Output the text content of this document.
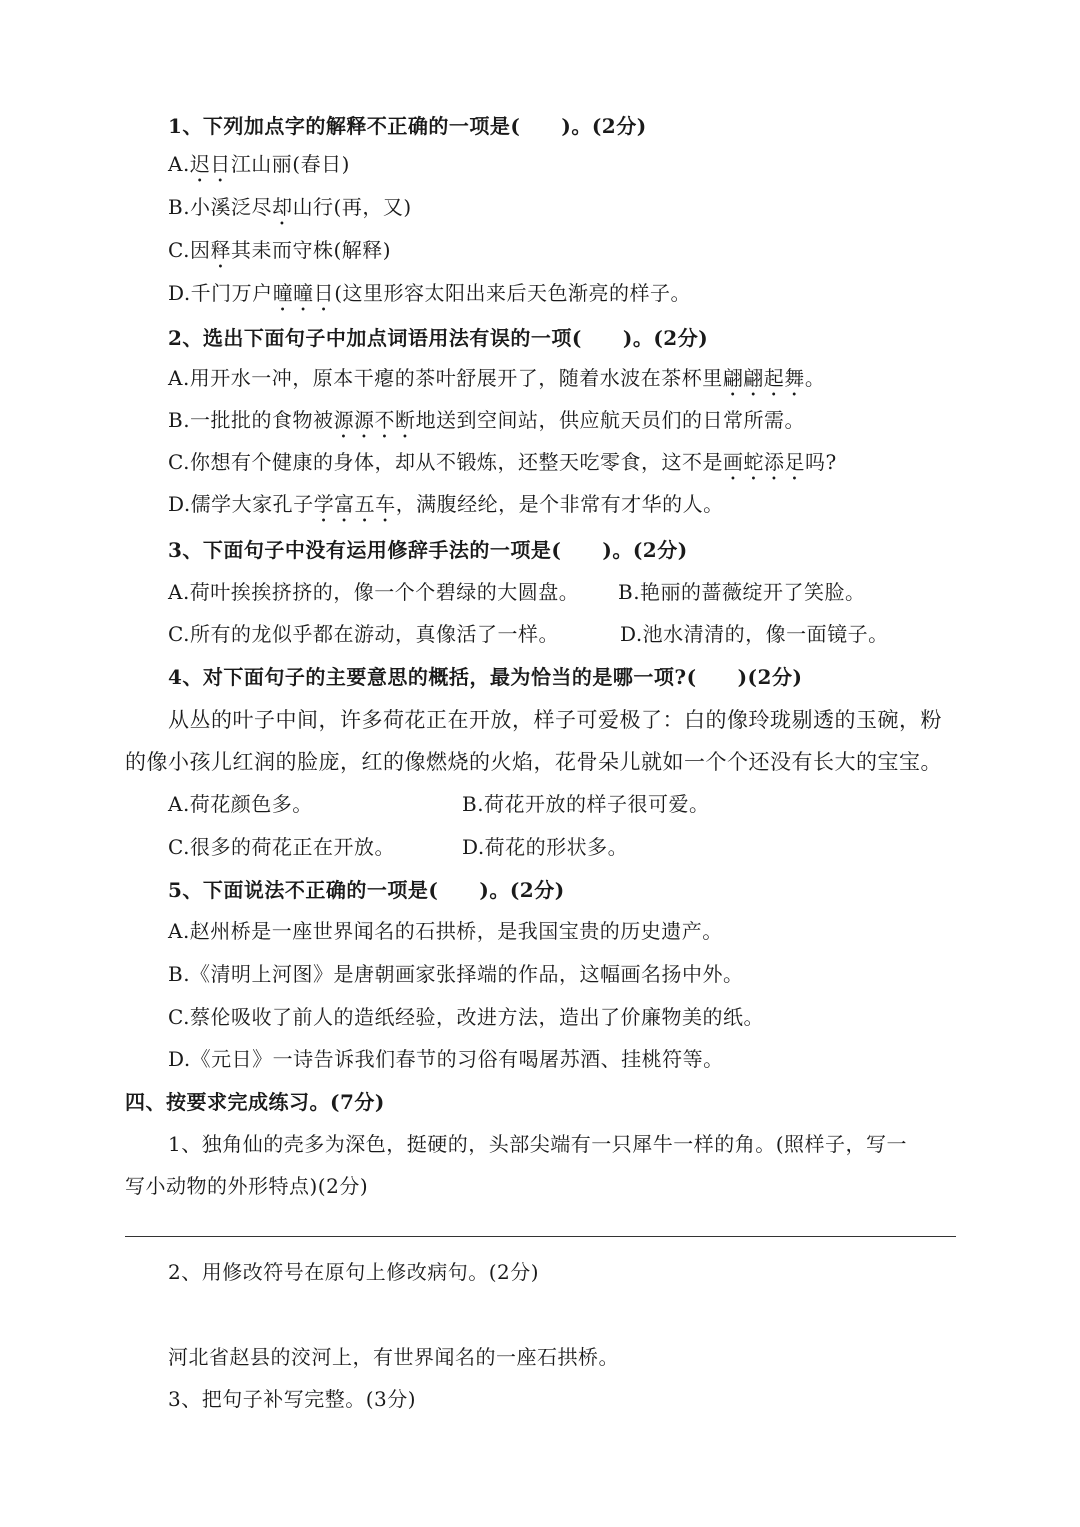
1、下列加点字的解释不正确的一项是(　　)。(2分)
A.迟日江山丽(春日)
B.小溪泛尽却山行(再，又)
C.因释其耒而守株(解释)
D.千门万户曈曈日(这里形容太阳出来后天色渐亮的样子。
2、选出下面句子中加点词语用法有误的一项(　　)。(2分)
A.用开水一冲，原本干瘪的茶叶舒展开了，随着水波在茶杯里翩翩起舞。
B.一批批的食物被源源不断地送到空间站，供应航天员们的日常所需。
C.你想有个健康的身体，却从不锻炼，还整天吃零食，这不是画蛇添足吗?
D.儒学大家孔子学富五车，满腹经纶，是个非常有才华的人。
3、下面句子中没有运用修辞手法的一项是(　　)。(2分)
A.荷叶挨挨挤挤的，像一个个碧绿的大圆盘。 B.艳丽的蔷薇绽开了笑脸。
C.所有的龙似乎都在游动，真像活了一样。	D.池水清清的，像一面镜子。
4、对下面句子的主要意思的概括，最为恰当的是哪一项?(　　)(2分)
从丛的叶子中间，许多荷花正在开放，样子可爱极了：白的像玲珑剔透的玉碗，粉
的像小孩儿红润的脸庞，红的像燃烧的火焰，花骨朵儿就如一个个还没有长大的宝宝。
A.荷花颜色多。	B.荷花开放的样子很可爱。
C.很多的荷花正在开放。	D.荷花的形状多。
5、下面说法不正确的一项是(　　)。(2分)
A.赵州桥是一座世界闻名的石拱桥，是我国宝贵的历史遗产。
B.《清明上河图》是唐朝画家张择端的作品，这幅画名扬中外。
C.蔡伦吸收了前人的造纸经验，改进方法，造出了价廉物美的纸。
D.《元日》一诗告诉我们春节的习俗有喝屠苏酒、挂桃符等。
四、按要求完成练习。(7分)
1、独角仙的壳多为深色，挺硬的，头部尖端有一只犀牛一样的角。(照样子，写一
写小动物的外形特点)(2分)
2、用修改符号在原句上修改病句。(2分)
河北省赵县的洨河上，有世界闻名的一座石拱桥。
3、把句子补写完整。(3分)
